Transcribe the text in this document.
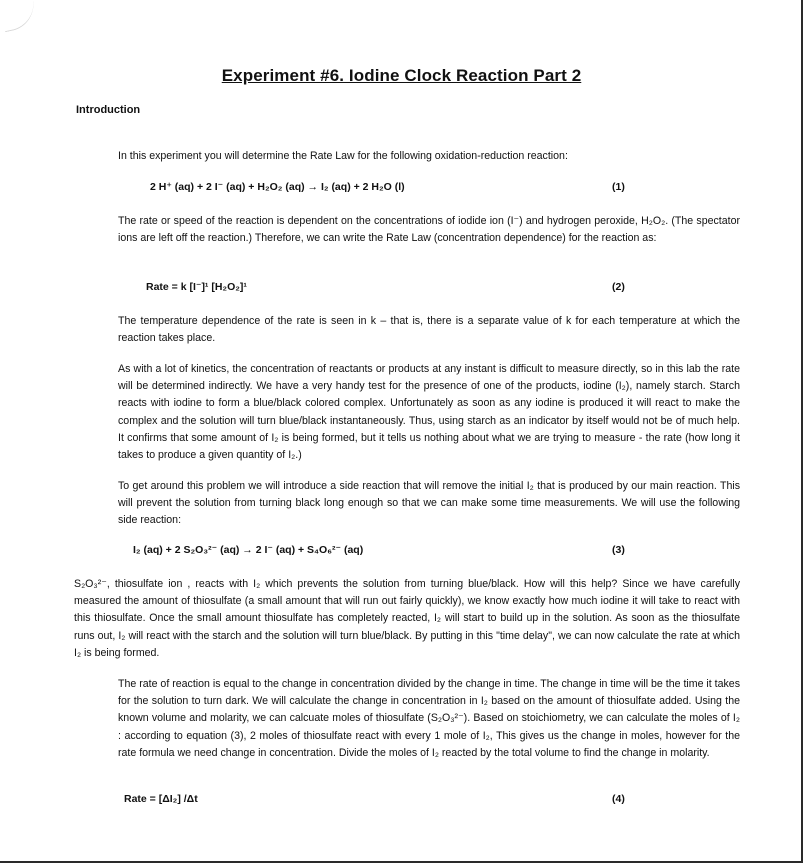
Experiment #6. Iodine Clock Reaction Part 2
Introduction
In this experiment you will determine the Rate Law for the following oxidation-reduction reaction:
2 H⁺ (aq) + 2 I⁻ (aq) + H₂O₂ (aq) → I₂ (aq) + 2 H₂O (l)	(1)
The rate or speed of the reaction is dependent on the concentrations of iodide ion (I⁻) and hydrogen peroxide, H₂O₂. (The spectator ions are left off the reaction.) Therefore, we can write the Rate Law (concentration dependence) for the reaction as:
Rate = k [I⁻]¹ [H₂O₂]¹	(2)
The temperature dependence of the rate is seen in k – that is, there is a separate value of k for each temperature at which the reaction takes place.
As with a lot of kinetics, the concentration of reactants or products at any instant is difficult to measure directly, so in this lab the rate will be determined indirectly. We have a very handy test for the presence of one of the products, iodine (I₂), namely starch. Starch reacts with iodine to form a blue/black colored complex. Unfortunately as soon as any iodine is produced it will react to make the complex and the solution will turn blue/black instantaneously. Thus, using starch as an indicator by itself would not be of much help. It confirms that some amount of I₂ is being formed, but it tells us nothing about what we are trying to measure - the rate (how long it takes to produce a given quantity of I₂.)
To get around this problem we will introduce a side reaction that will remove the initial I₂ that is produced by our main reaction. This will prevent the solution from turning black long enough so that we can make some time measurements. We will use the following side reaction:
I₂ (aq) + 2 S₂O₃²⁻ (aq) → 2 I⁻ (aq) + S₄O₆²⁻ (aq)	(3)
S₂O₃²⁻, thiosulfate ion , reacts with I₂ which prevents the solution from turning blue/black. How will this help? Since we have carefully measured the amount of thiosulfate (a small amount that will run out fairly quickly), we know exactly how much iodine it will take to react with this thiosulfate. Once the small amount thiosulfate has completely reacted, I₂ will start to build up in the solution. As soon as the thiosulfate runs out, I₂ will react with the starch and the solution will turn blue/black. By putting in this "time delay", we can now calculate the rate at which I₂ is being formed.
The rate of reaction is equal to the change in concentration divided by the change in time. The change in time will be the time it takes for the solution to turn dark. We will calculate the change in concentration in I₂ based on the amount of thiosulfate added. Using the known volume and molarity, we can calcuate moles of thiosulfate (S₂O₃²⁻). Based on stoichiometry, we can calculate the moles of I₂ : according to equation (3), 2 moles of thiosulfate react with every 1 mole of I₂, This gives us the change in moles, however for the rate formula we need change in concentration. Divide the moles of I₂ reacted by the total volume to find the change in molarity.
Rate = [ΔI₂] /Δt	(4)
